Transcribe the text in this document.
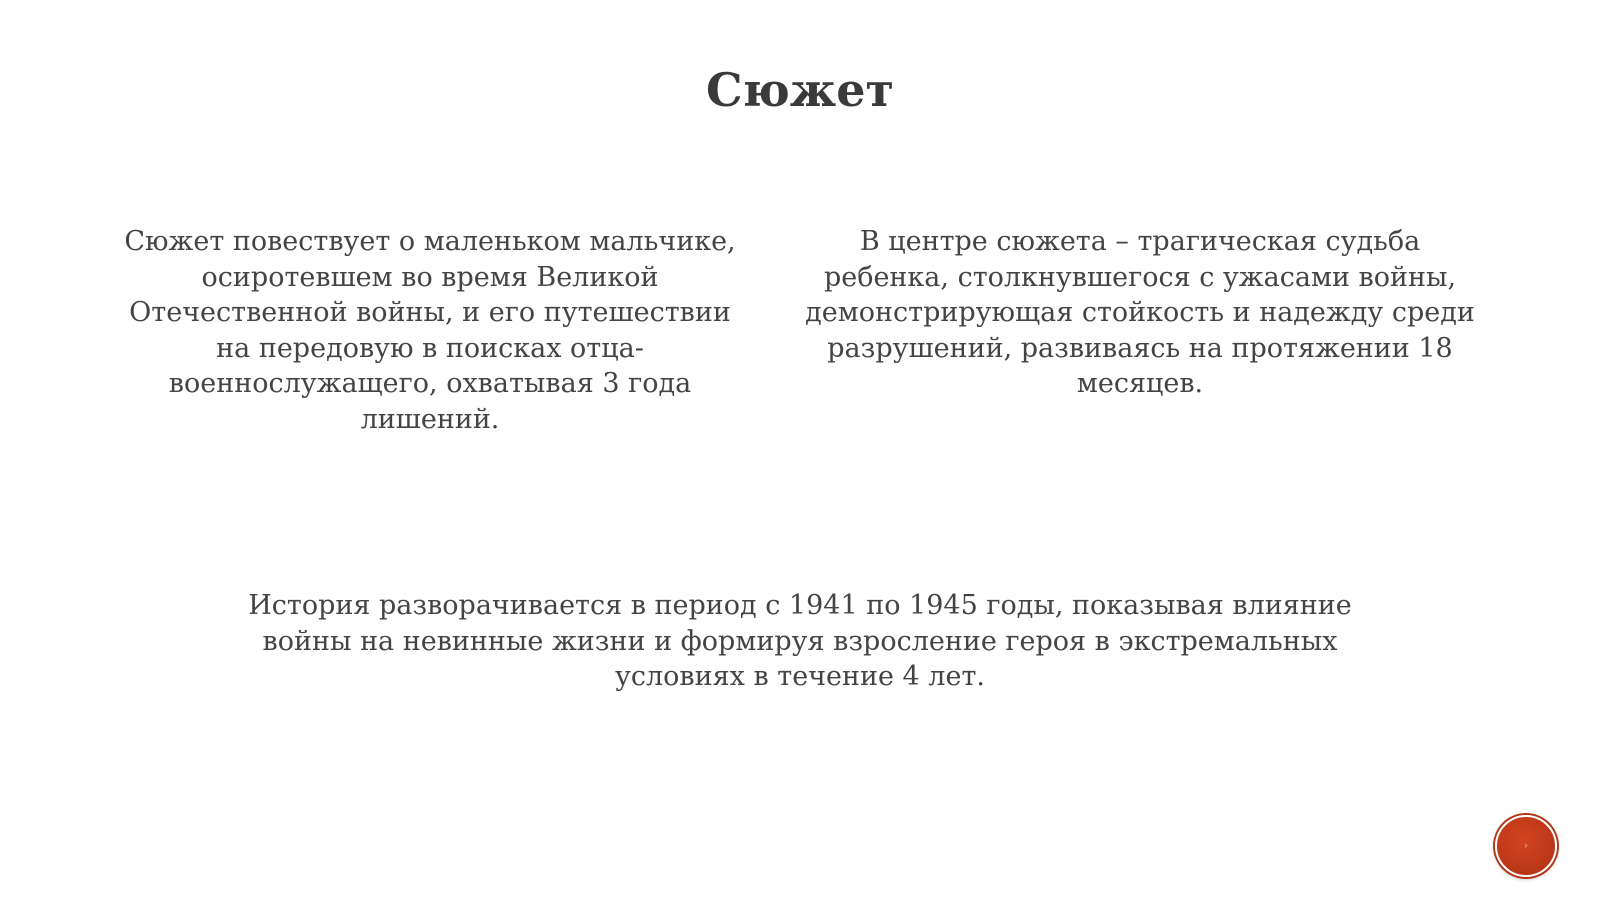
Сюжет

Сюжет повествует о маленьком мальчике, осиротевшем во время Великой Отечественной войны, и его путешествии на передовую в поисках отца-военнослужащего, охватывая 3 года лишений.

В центре сюжета – трагическая судьба ребенка, столкнувшегося с ужасами войны, демонстрирующая стойкость и надежду среди разрушений, развиваясь на протяжении 18 месяцев.

История разворачивается в период с 1941 по 1945 годы, показывая влияние войны на невинные жизни и формируя взросление героя в экстремальных условиях в течение 4 лет.

›
